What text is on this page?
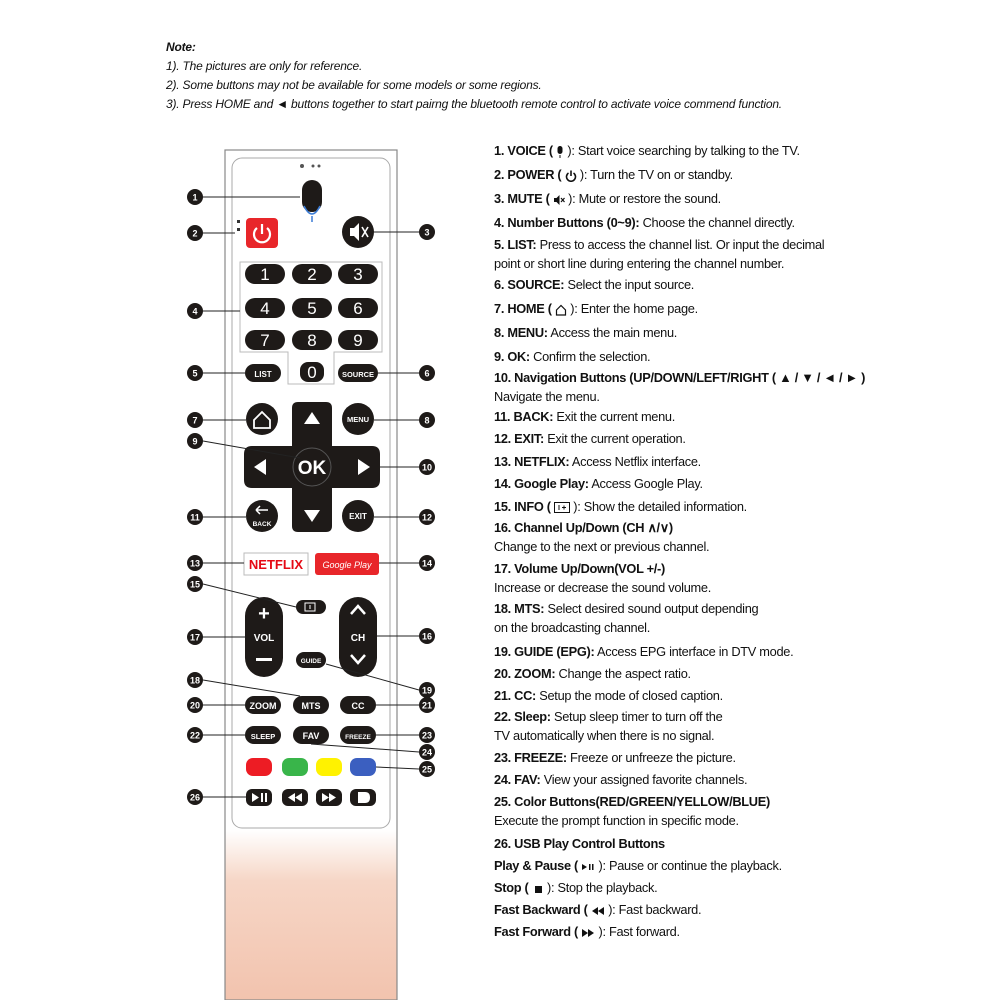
Note:
1). The pictures are only for reference.
2). Some buttons may not be available for some models or some regions.
3). Press HOME and ◄ buttons together to start pairng the bluetooth remote control to activate voice commend function.
1 2 3
4 5 6
7 8 9
0
LIST	SOURCE
MENU
OK
BACK
EXIT
NETFLIX Google Play
+
VOL	CH
GUIDE
ZOOM	MTS	CC
SLEEP	FAV	FREEZE
1
2	3
4
5	6
7	8
9
10
11	12
13	14
15
16
17
18
19
20	21
22	23
24
25
26

1. VOICE ( ): Start voice searching by talking to the TV.

2. POWER ( ): Turn the TV on or standby.

3. MUTE ( ): Mute or restore the sound.

4. Number Buttons (0~9): Choose the channel directly.

5. LIST: Press to access the channel list. Or input the decimal

point or short line during entering the channel number.

6. SOURCE: Select the input source.

7. HOME ( ): Enter the home page.

8. MENU: Access the main menu.

9. OK: Confirm the selection.

10. Navigation Buttons (UP/DOWN/LEFT/RIGHT ( ▲ / ▼ / ◄ / ► )

Navigate the menu.

11. BACK: Exit the current menu.

12. EXIT: Exit the current operation.

13. NETFLIX: Access Netflix interface.

14. Google Play: Access Google Play.

15. INFO ( ): Show the detailed information.

16. Channel Up/Down (CH ∧/∨)

Change to the next or previous channel.

17. Volume Up/Down(VOL +/-)

Increase or decrease the sound volume.

18. MTS: Select desired sound output depending

on the broadcasting channel.

19. GUIDE (EPG): Access EPG interface in DTV mode.

20. ZOOM: Change the aspect ratio.

21. CC: Setup the mode of closed caption.

22. Sleep: Setup sleep timer to turn off the

TV automatically when there is no signal.

23. FREEZE: Freeze or unfreeze the picture.

24. FAV: View your assigned favorite channels.

25. Color Buttons(RED/GREEN/YELLOW/BLUE)

Execute the prompt function in specific mode.

26. USB Play Control Buttons

Play & Pause ( ): Pause or continue the playback.

Stop ( ): Stop the playback.

Fast Backward ( ): Fast backward.

Fast Forward ( ): Fast forward.
